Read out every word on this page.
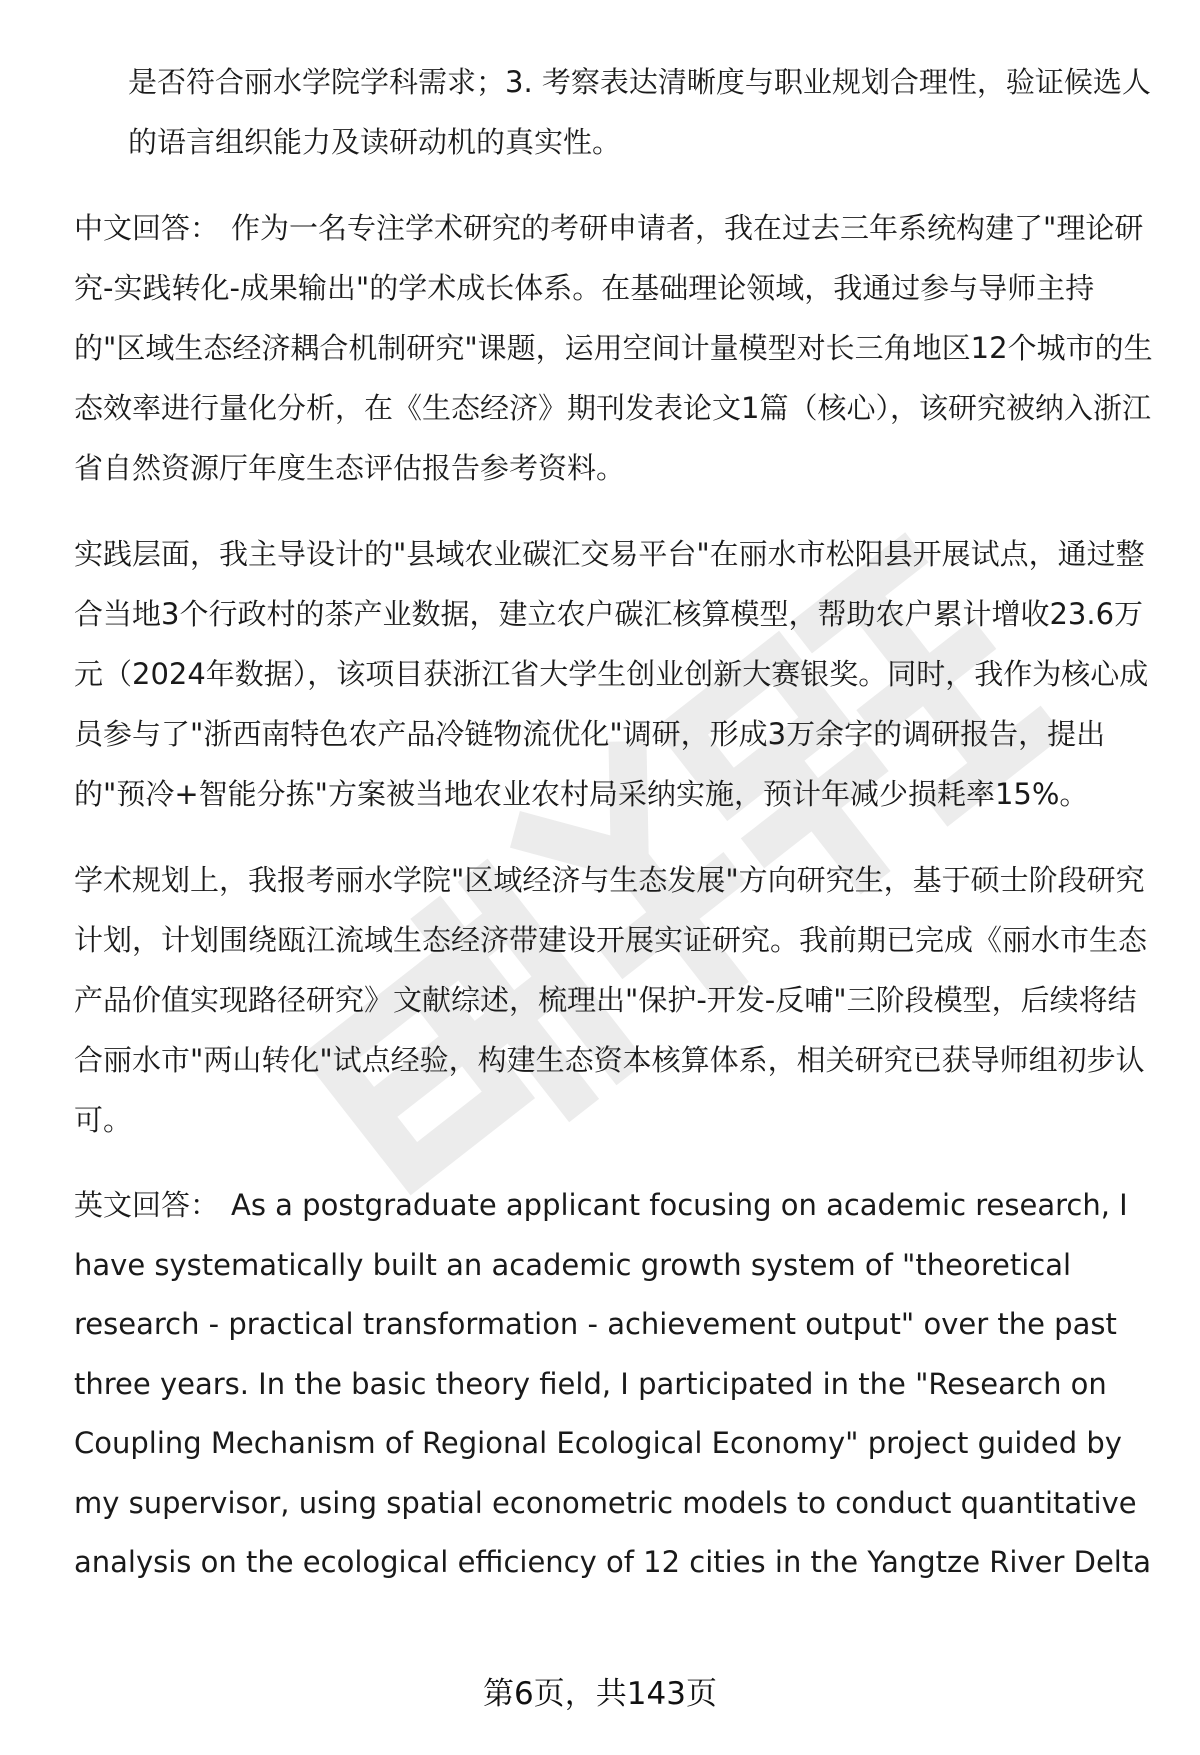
是否符合丽水学院学科需求；3. 考察表达清晰度与职业规划合理性，验证候选人的语言组织能力及读研动机的真实性。

中文回答： 作为一名专注学术研究的考研申请者，我在过去三年系统构建了"理论研究-实践转化-成果输出"的学术成长体系。在基础理论领域，我通过参与导师主持的"区域生态经济耦合机制研究"课题，运用空间计量模型对长三角地区12个城市的生态效率进行量化分析，在《生态经济》期刊发表论文1篇（核心），该研究被纳入浙江省自然资源厅年度生态评估报告参考资料。

实践层面，我主导设计的"县域农业碳汇交易平台"在丽水市松阳县开展试点，通过整合当地3个行政村的茶产业数据，建立农户碳汇核算模型，帮助农户累计增收23.6万元（2024年数据），该项目获浙江省大学生创业创新大赛银奖。同时，我作为核心成员参与了"浙西南特色农产品冷链物流优化"调研，形成3万余字的调研报告，提出的"预冷+智能分拣"方案被当地农业农村局采纳实施，预计年减少损耗率15%。

学术规划上，我报考丽水学院"区域经济与生态发展"方向研究生，基于硕士阶段研究计划，计划围绕瓯江流域生态经济带建设开展实证研究。我前期已完成《丽水市生态产品价值实现路径研究》文献综述，梳理出"保护-开发-反哺"三阶段模型，后续将结合丽水市"两山转化"试点经验，构建生态资本核算体系，相关研究已获导师组初步认可。

英文回答： As a postgraduate applicant focusing on academic research, I have systematically built an academic growth system of "theoretical research - practical transformation - achievement output" over the past three years. In the basic theory field, I participated in the "Research on Coupling Mechanism of Regional Ecological Economy" project guided by my supervisor, using spatial econometric models to conduct quantitative analysis on the ecological efficiency of 12 cities in the Yangtze River Delta

第6页，共143页
